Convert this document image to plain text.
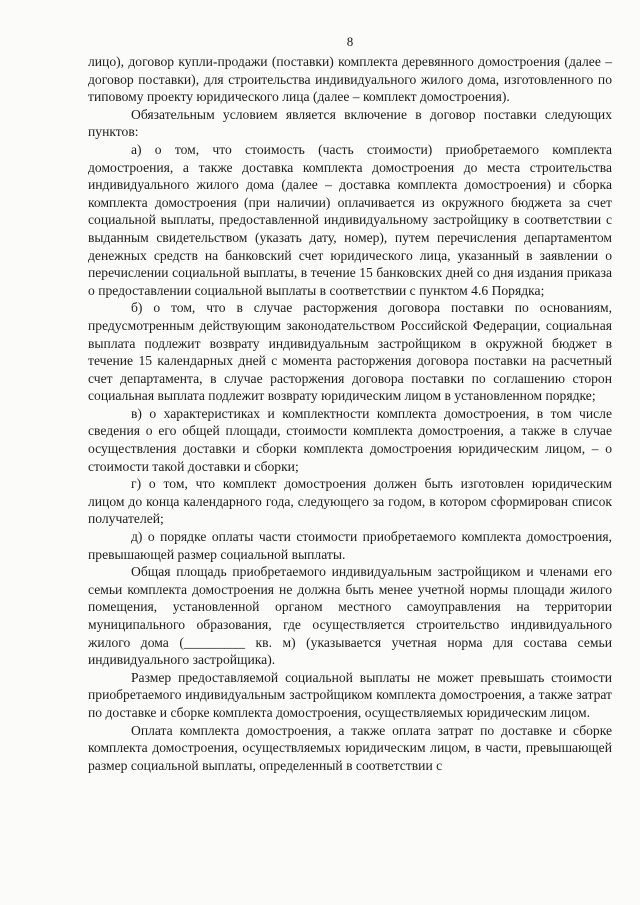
8

лицо), договор купли-продажи (поставки) комплекта деревянного домостроения (далее – договор поставки), для строительства индивидуального жилого дома, изготовленного по типовому проекту юридического лица (далее – комплект домостроения).

Обязательным условием является включение в договор поставки следующих пунктов:

а) о том, что стоимость (часть стоимости) приобретаемого комплекта домостроения, а также доставка комплекта домостроения до места строительства индивидуального жилого дома (далее – доставка комплекта домостроения) и сборка комплекта домостроения (при наличии) оплачивается из окружного бюджета за счет социальной выплаты, предоставленной индивидуальному застройщику в соответствии с выданным свидетельством (указать дату, номер), путем перечисления департаментом денежных средств на банковский счет юридического лица, указанный в заявлении о перечислении социальной выплаты, в течение 15 банковских дней со дня издания приказа о предоставлении социальной выплаты в соответствии с пунктом 4.6 Порядка;

б) о том, что в случае расторжения договора поставки по основаниям, предусмотренным действующим законодательством Российской Федерации, социальная выплата подлежит возврату индивидуальным застройщиком в окружной бюджет в течение 15 календарных дней с момента расторжения договора поставки на расчетный счет департамента, в случае расторжения договора поставки по соглашению сторон социальная выплата подлежит возврату юридическим лицом в установленном порядке;

в) о характеристиках и комплектности комплекта домостроения, в том числе сведения о его общей площади, стоимости комплекта домостроения, а также в случае осуществления доставки и сборки комплекта домостроения юридическим лицом, – о стоимости такой доставки и сборки;

г) о том, что комплект домостроения должен быть изготовлен юридическим лицом до конца календарного года, следующего за годом, в котором сформирован список получателей;

д) о порядке оплаты части стоимости приобретаемого комплекта домостроения, превышающей размер социальной выплаты.

Общая площадь приобретаемого индивидуальным застройщиком и членами его семьи комплекта домостроения не должна быть менее учетной нормы площади жилого помещения, установленной органом местного самоуправления на территории муниципального образования, где осуществляется строительство индивидуального жилого дома (_________ кв. м) (указывается учетная норма для состава семьи индивидуального застройщика).

Размер предоставляемой социальной выплаты не может превышать стоимости приобретаемого индивидуальным застройщиком комплекта домостроения, а также затрат по доставке и сборке комплекта домостроения, осуществляемых юридическим лицом.

Оплата комплекта домостроения, а также оплата затрат по доставке и сборке комплекта домостроения, осуществляемых юридическим лицом, в части, превышающей размер социальной выплаты, определенный в соответствии с
